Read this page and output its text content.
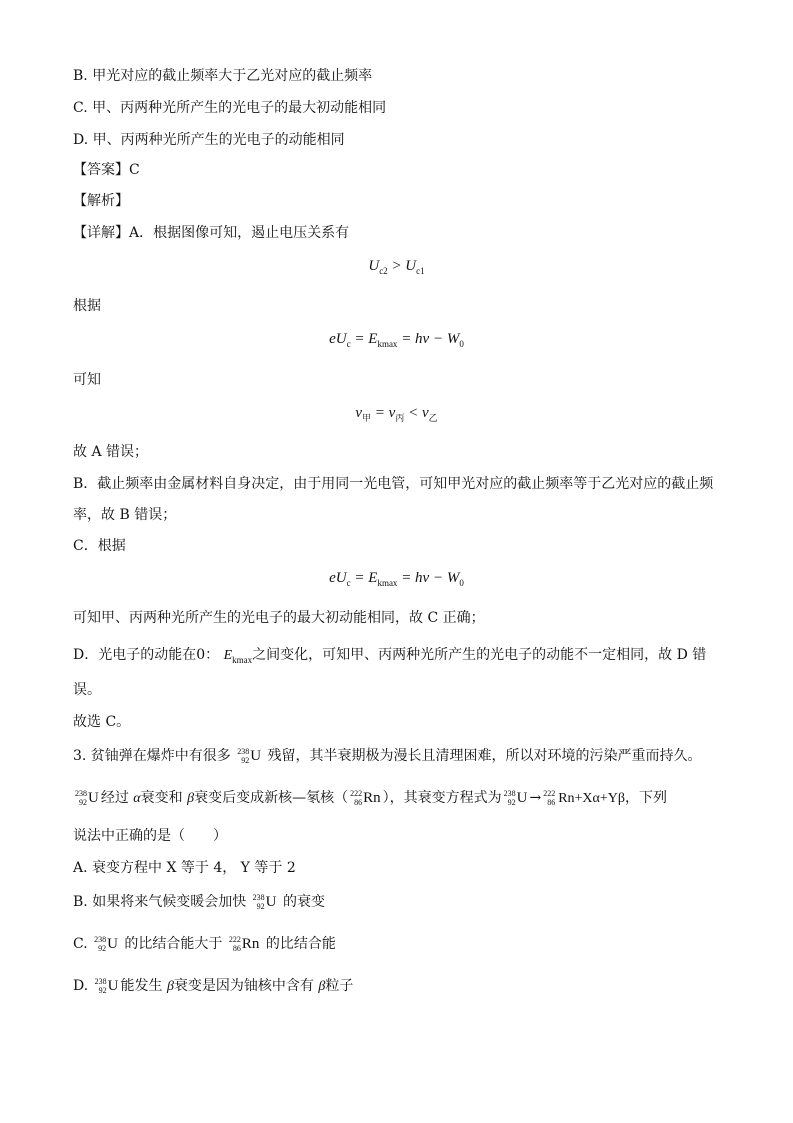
B. 甲光对应的截止频率大于乙光对应的截止频率
C. 甲、丙两种光所产生的光电子的最大初动能相同
D. 甲、丙两种光所产生的光电子的动能相同
【答案】C
【解析】
【详解】A．根据图像可知，遏止电压关系有
$U_{c2} > U_{c1}$
根据
$eU_c = E_{kmax} = h\nu - W_0$
可知
$\nu_甲 = \nu_丙 < \nu_乙$
故 A 错误；
B．截止频率由金属材料自身决定，由于用同一光电管，可知甲光对应的截止频率等于乙光对应的截止频
率，故 B 错误；
C．根据
$eU_c = E_{kmax} = h\nu - W_0$
可知甲、丙两种光所产生的光电子的最大初动能相同，故 C 正确；
D．光电子的动能在0： $E_{kmax}$之间变化，可知甲、丙两种光所产生的光电子的动能不一定相同，故 D 错
误。
故选 C。
3. 贫铀弹在爆炸中有很多 238
92 U 残留，其半衰期极为漫长且清理困难，所以对环境的污染严重而持久。
238
92 U 经过 α衰变和 β衰变后变成新核—氡核（ 222
86 Rn ），其衰变方程式为 238
92 U → 222
86 Rn+Xα+Yβ，下列
说法中正确的是（　　）
A. 衰变方程中 X 等于 4， Y 等于 2
B. 如果将来气候变暖会加快 238
92 U 的衰变
C. 238
92 U 的比结合能大于 222
86 Rn 的比结合能
D. 238
92 U 能发生 β衰变是因为铀核中含有 β粒子
